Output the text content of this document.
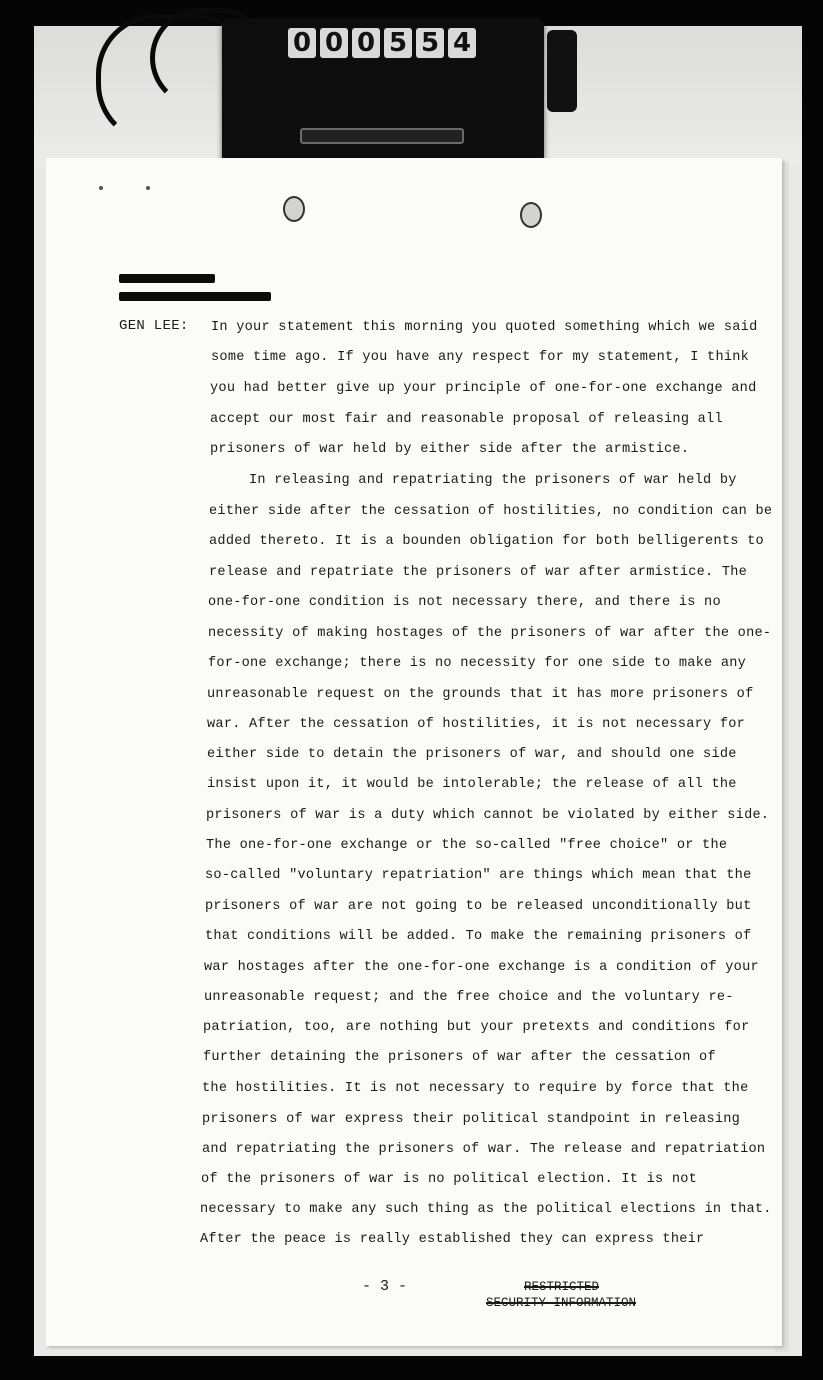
0 0 0 5 5 4
GEN LEE: In your statement this morning you quoted something which we said
some time ago. If you have any respect for my statement, I think
you had better give up your principle of one-for-one exchange and
accept our most fair and reasonable proposal of releasing all
prisoners of war held by either side after the armistice.
In releasing and repatriating the prisoners of war held by
either side after the cessation of hostilities, no condition can be
added thereto. It is a bounden obligation for both belligerents to
release and repatriate the prisoners of war after armistice. The
one-for-one condition is not necessary there, and there is no
necessity of making hostages of the prisoners of war after the one-
for-one exchange; there is no necessity for one side to make any
unreasonable request on the grounds that it has more prisoners of
war. After the cessation of hostilities, it is not necessary for
either side to detain the prisoners of war, and should one side
insist upon it, it would be intolerable; the release of all the
prisoners of war is a duty which cannot be violated by either side.
The one-for-one exchange or the so-called "free choice" or the
so-called "voluntary repatriation" are things which mean that the
prisoners of war are not going to be released unconditionally but
that conditions will be added. To make the remaining prisoners of
war hostages after the one-for-one exchange is a condition of your
unreasonable request; and the free choice and the voluntary re-
patriation, too, are nothing but your pretexts and conditions for
further detaining the prisoners of war after the cessation of
the hostilities. It is not necessary to require by force that the
prisoners of war express their political standpoint in releasing
and repatriating the prisoners of war. The release and repatriation
of the prisoners of war is no political election. It is not
necessary to make any such thing as the political elections in that.
After the peace is really established they can express their
- 3 -	RESTRICTED
SECURITY INFORMATION
